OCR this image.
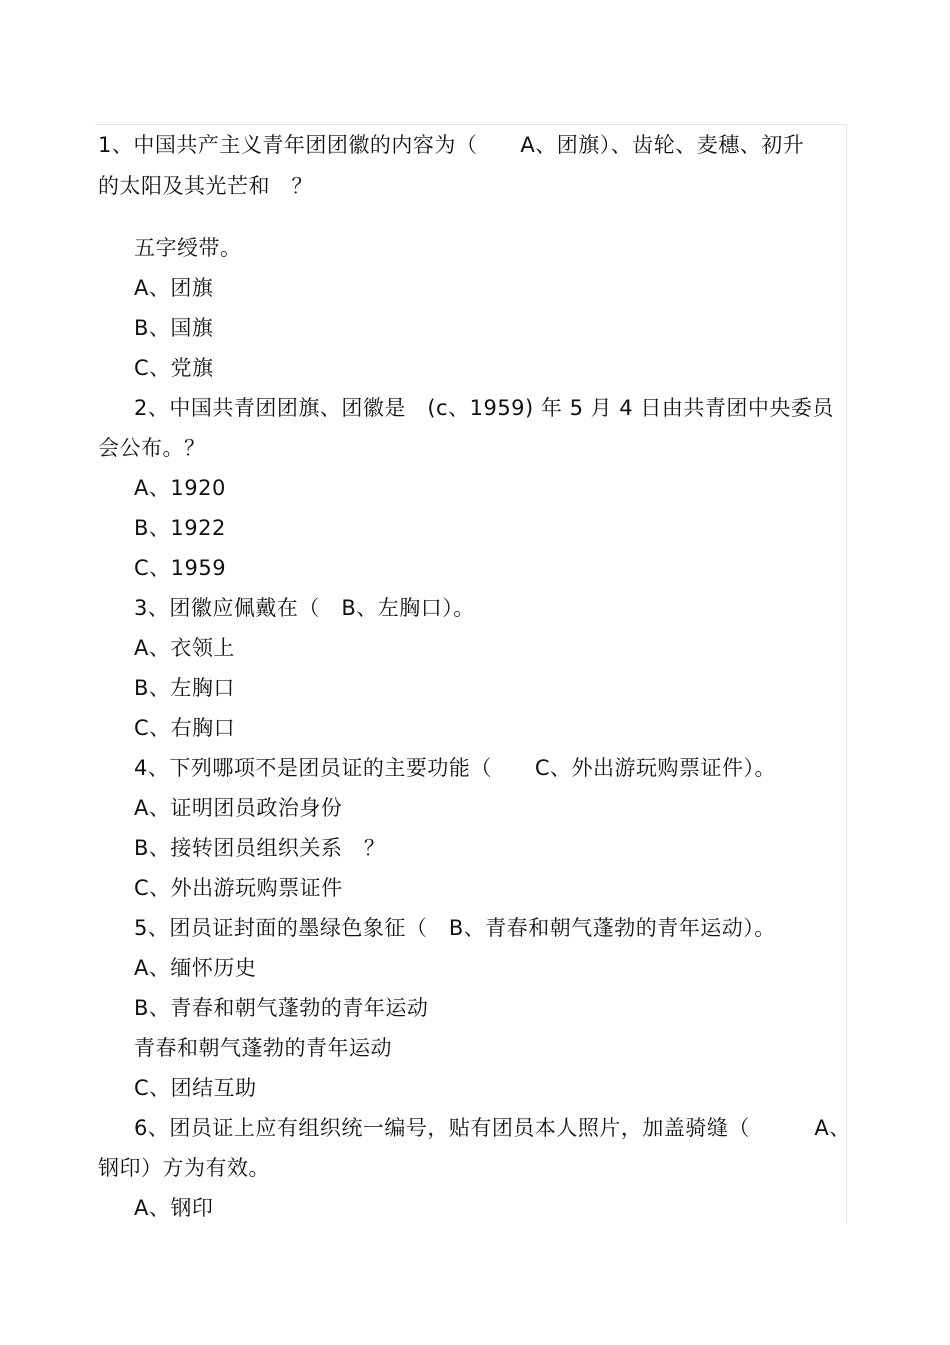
1、中国共产主义青年团团徽的内容为（　　A、团旗）、齿轮、麦穗、初升
的太阳及其光芒和　？
五字绶带。
A、团旗
B、国旗
C、党旗
2、中国共青团团旗、团徽是　(c、1959) 年 5 月 4 日由共青团中央委员
会公布。？
A、1920
B、1922
C、1959
3、团徽应佩戴在（　B、左胸口）。
A、衣领上
B、左胸口
C、右胸口
4、下列哪项不是团员证的主要功能（　　C、外出游玩购票证件）。
A、证明团员政治身份
B、接转团员组织关系　？
C、外出游玩购票证件
5、团员证封面的墨绿色象征（　B、青春和朝气蓬勃的青年运动）。
A、缅怀历史
B、青春和朝气蓬勃的青年运动
青春和朝气蓬勃的青年运动
C、团结互助
6、团员证上应有组织统一编号，贴有团员本人照片，加盖骑缝（　　　A、
钢印）方为有效。
A、钢印
